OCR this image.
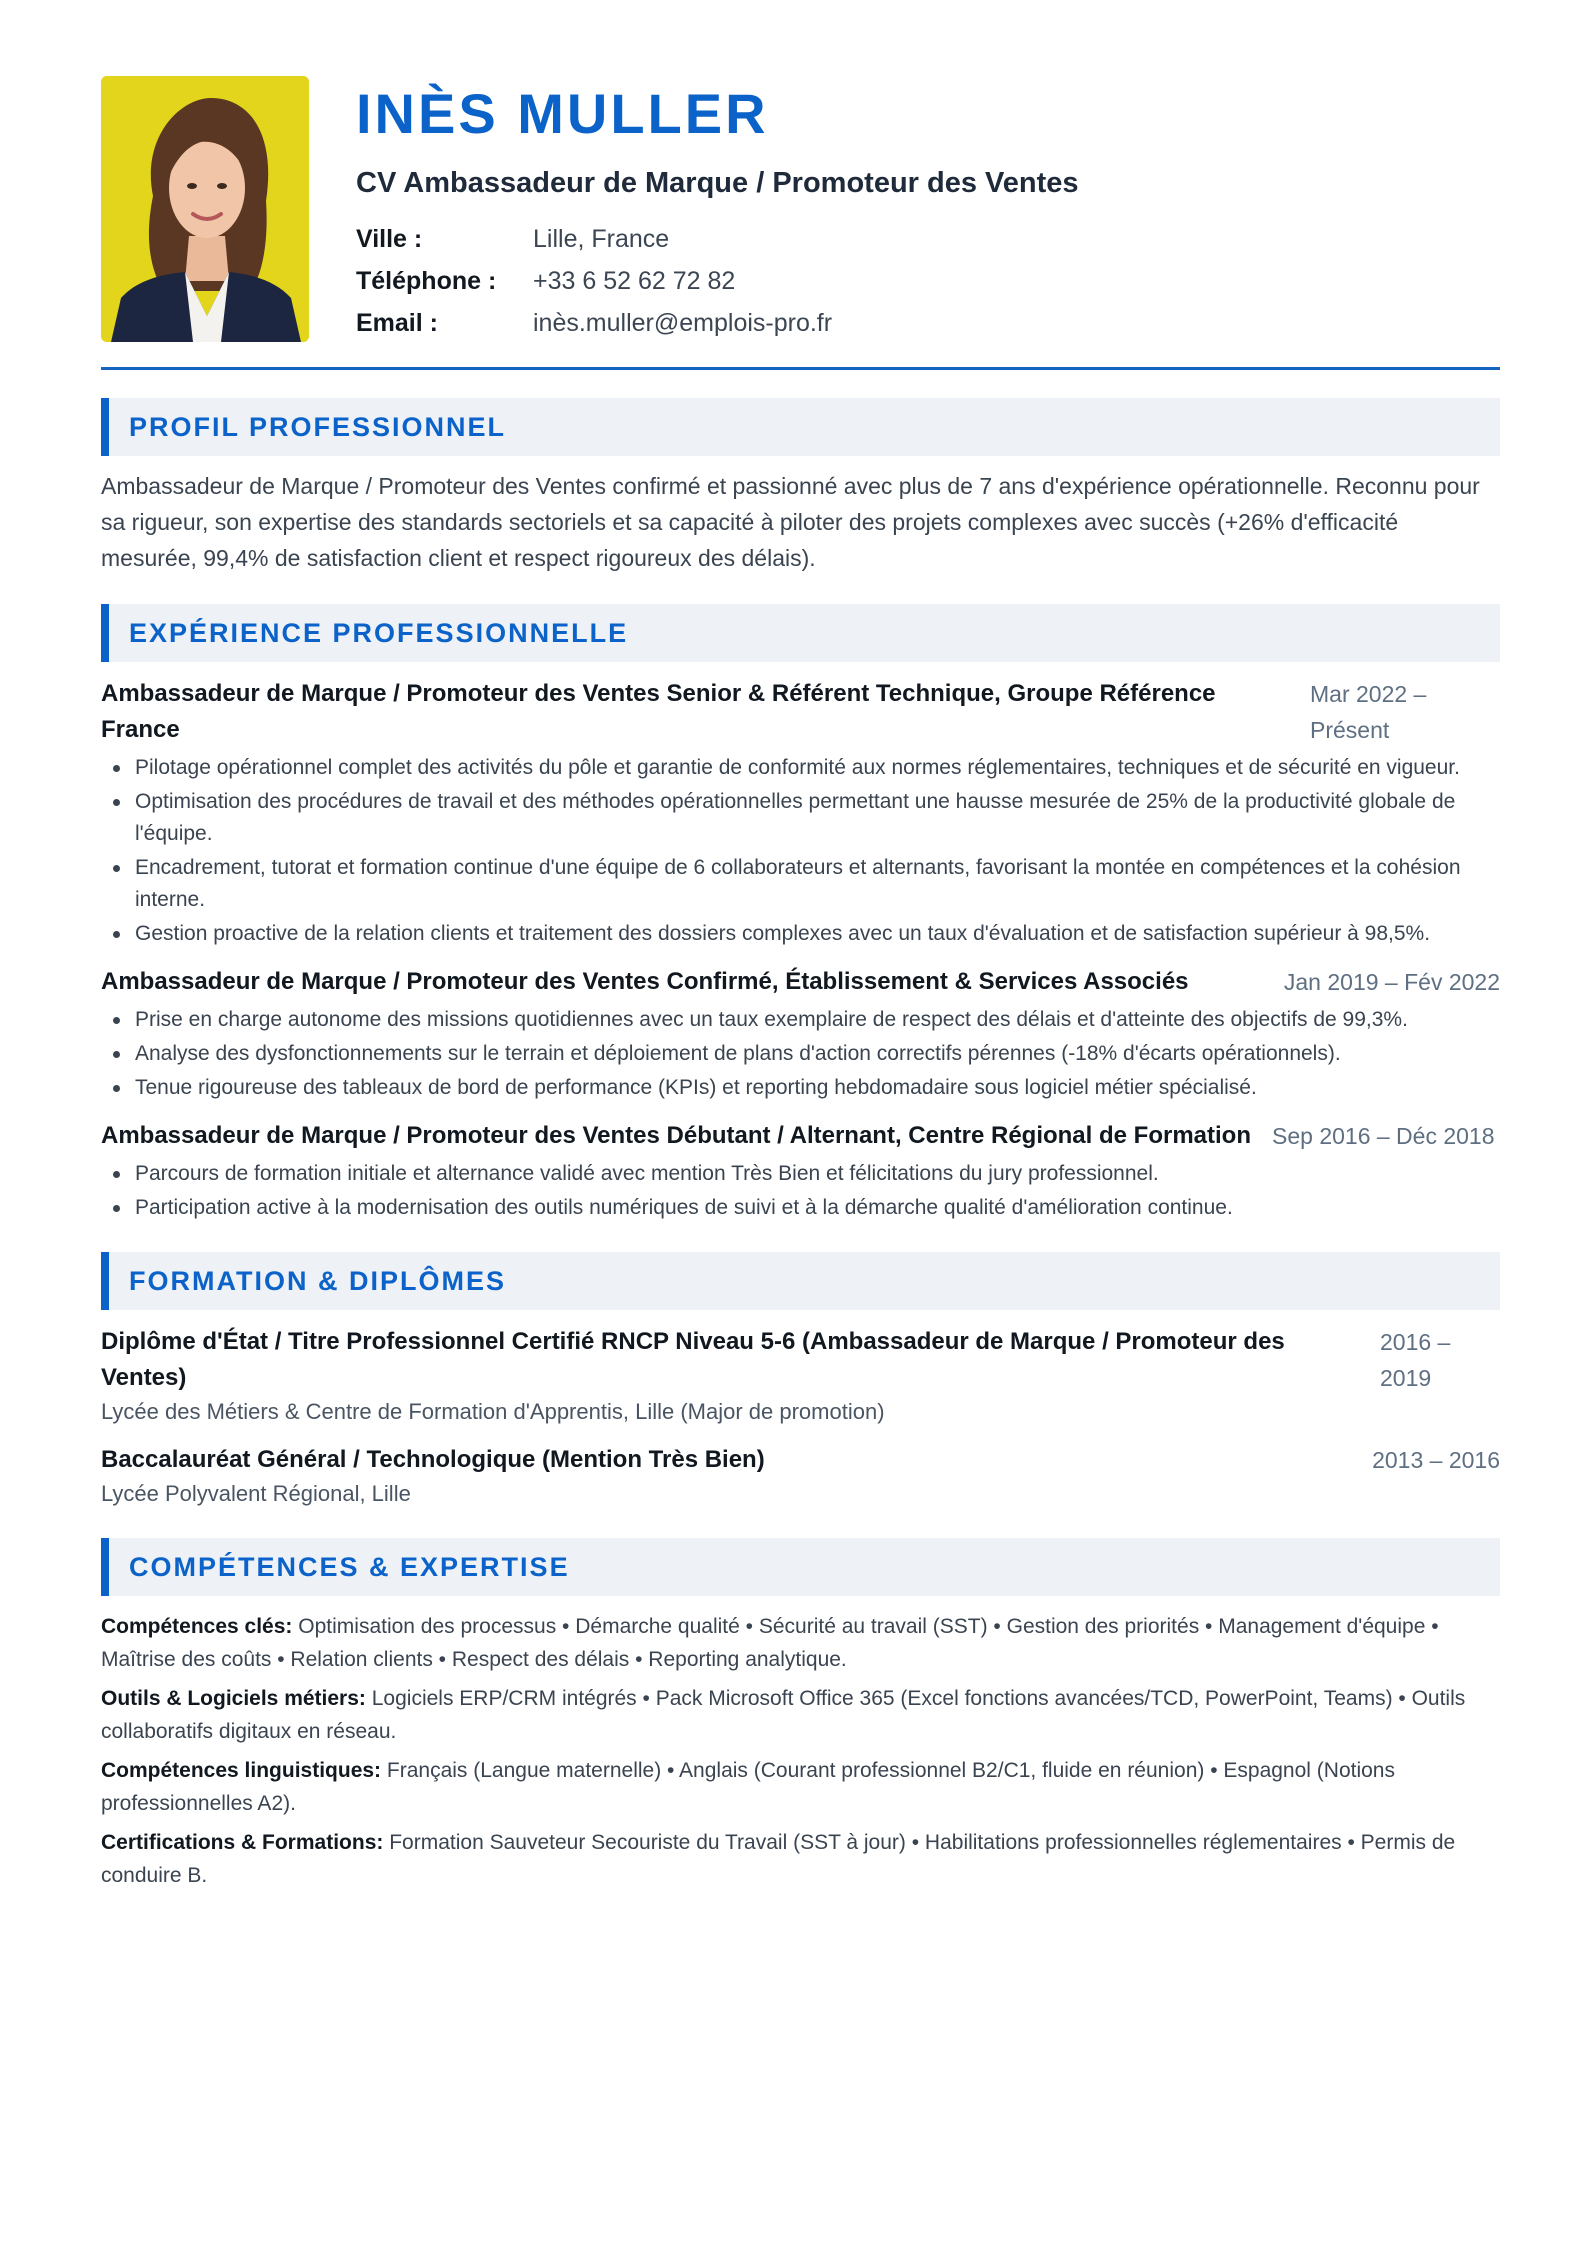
INÈS MULLER
CV Ambassadeur de Marque / Promoteur des Ventes
Ville :	Lille, France
Téléphone :	+33 6 52 62 72 82
Email :	inès.muller@emplois-pro.fr
PROFIL PROFESSIONNEL

Ambassadeur de Marque / Promoteur des Ventes confirmé et passionné avec plus de 7 ans d'expérience opérationnelle. Reconnu pour sa rigueur, son expertise des standards sectoriels et sa capacité à piloter des projets complexes avec succès (+26% d'efficacité mesurée, 99,4% de satisfaction client et respect rigoureux des délais).

EXPÉRIENCE PROFESSIONNELLE
Ambassadeur de Marque / Promoteur des Ventes Senior & Référent Technique, Groupe Référence France
Mar 2022 – Présent
Pilotage opérationnel complet des activités du pôle et garantie de conformité aux normes réglementaires, techniques et de sécurité en vigueur.
Optimisation des procédures de travail et des méthodes opérationnelles permettant une hausse mesurée de 25% de la productivité globale de l'équipe.
Encadrement, tutorat et formation continue d'une équipe de 6 collaborateurs et alternants, favorisant la montée en compétences et la cohésion interne.
Gestion proactive de la relation clients et traitement des dossiers complexes avec un taux d'évaluation et de satisfaction supérieur à 98,5%.
Ambassadeur de Marque / Promoteur des Ventes Confirmé, Établissement & Services Associés	Jan 2019 – Fév 2022
Prise en charge autonome des missions quotidiennes avec un taux exemplaire de respect des délais et d'atteinte des objectifs de 99,3%.
Analyse des dysfonctionnements sur le terrain et déploiement de plans d'action correctifs pérennes (-18% d'écarts opérationnels).
Tenue rigoureuse des tableaux de bord de performance (KPIs) et reporting hebdomadaire sous logiciel métier spécialisé.
Ambassadeur de Marque / Promoteur des Ventes Débutant / Alternant, Centre Régional de Formation Sep 2016 – Déc 2018
Parcours de formation initiale et alternance validé avec mention Très Bien et félicitations du jury professionnel.
Participation active à la modernisation des outils numériques de suivi et à la démarche qualité d'amélioration continue.
FORMATION & DIPLÔMES
Diplôme d'État / Titre Professionnel Certifié RNCP Niveau 5-6 (Ambassadeur de Marque / Promoteur des Ventes)
2016 – 2019
Lycée des Métiers & Centre de Formation d'Apprentis, Lille (Major de promotion)
Baccalauréat Général / Technologique (Mention Très Bien)	2013 – 2016
Lycée Polyvalent Régional, Lille
COMPÉTENCES & EXPERTISE

Compétences clés: Optimisation des processus • Démarche qualité • Sécurité au travail (SST) • Gestion des priorités • Management d'équipe • Maîtrise des coûts • Relation clients • Respect des délais • Reporting analytique.

Outils & Logiciels métiers: Logiciels ERP/CRM intégrés • Pack Microsoft Office 365 (Excel fonctions avancées/TCD, PowerPoint, Teams) • Outils collaboratifs digitaux en réseau.

Compétences linguistiques: Français (Langue maternelle) • Anglais (Courant professionnel B2/C1, fluide en réunion) • Espagnol (Notions professionnelles A2).

Certifications & Formations: Formation Sauveteur Secouriste du Travail (SST à jour) • Habilitations professionnelles réglementaires • Permis de conduire B.
